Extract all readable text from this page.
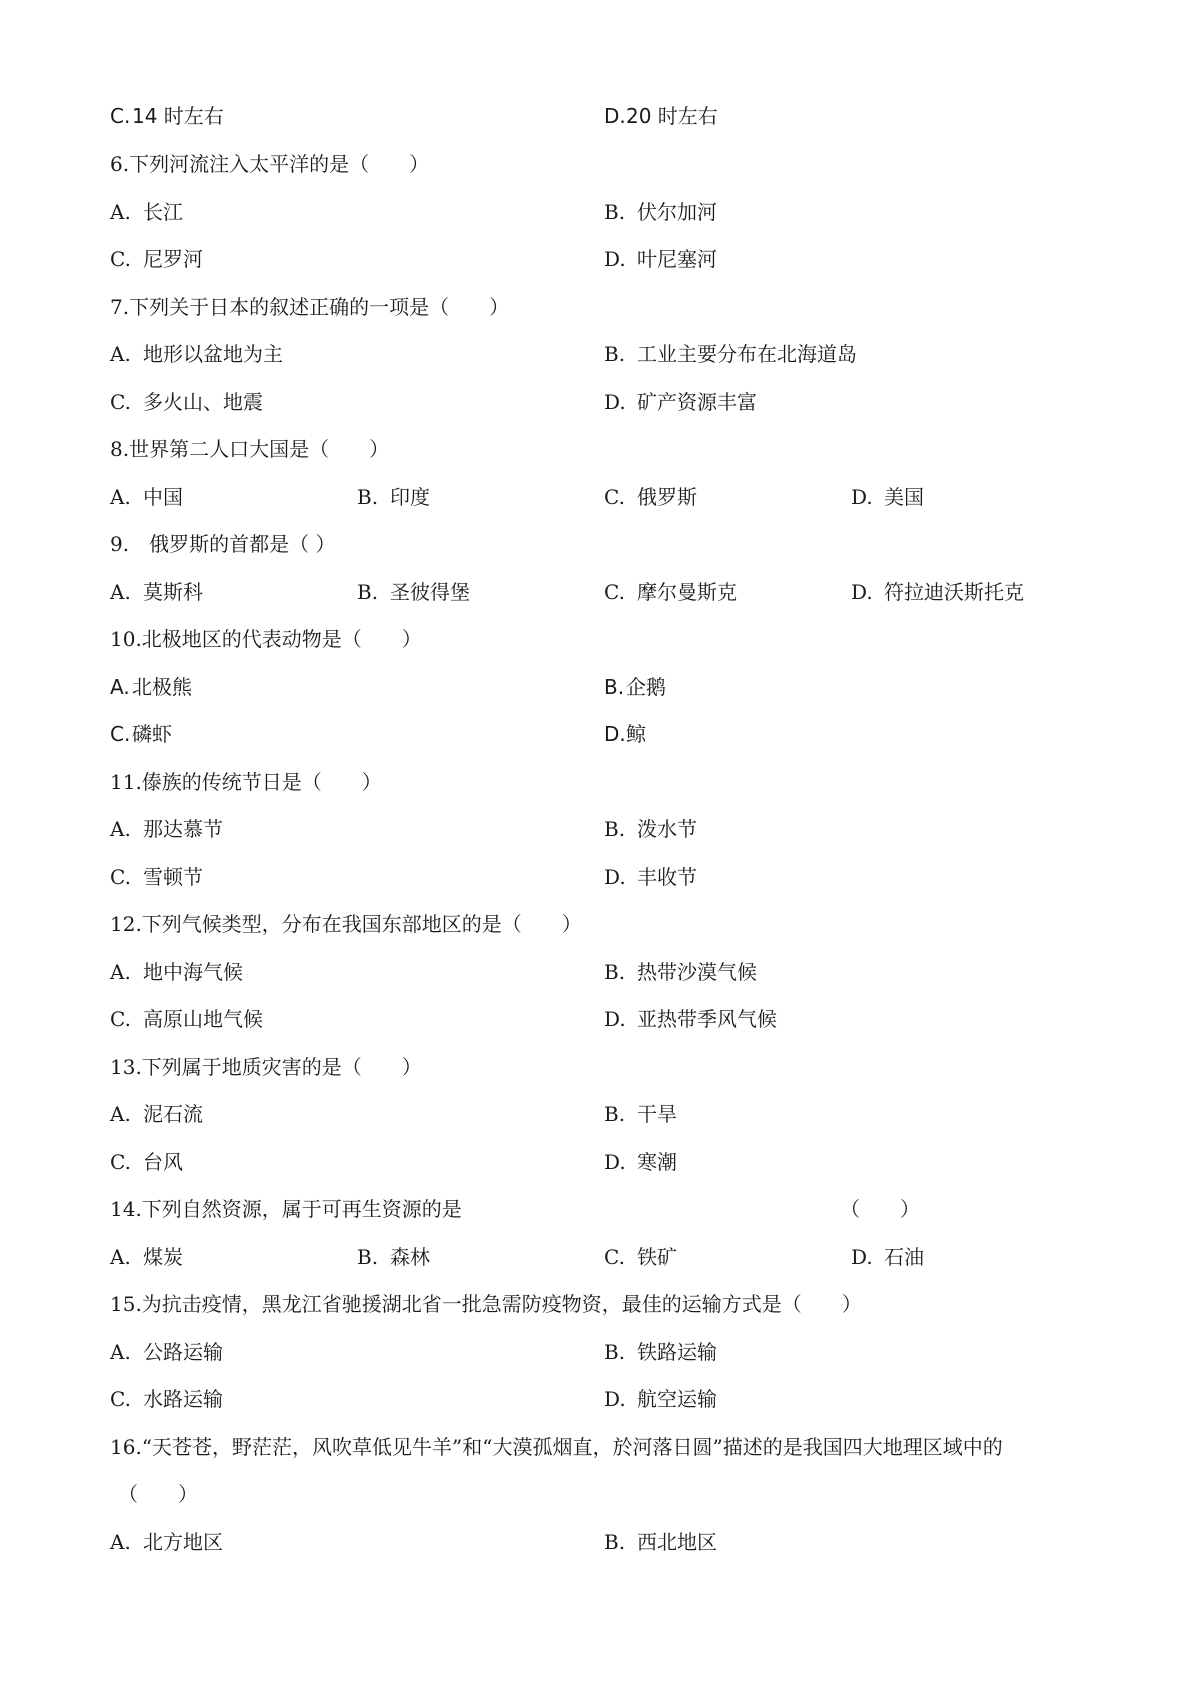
C.14 时左右	D.20 时左右
6.下列河流注入太平洋的是（　　）
A. 长江	B. 伏尔加河
C. 尼罗河	D. 叶尼塞河
7.下列关于日本的叙述正确的一项是（　　）
A. 地形以盆地为主	B. 工业主要分布在北海道岛
C. 多火山、地震	D. 矿产资源丰富
8.世界第二人口大国是（　　）
A. 中国	B. 印度	C. 俄罗斯	D. 美国
9.　俄罗斯的首都是（ ）
A. 莫斯科	B. 圣彼得堡	C. 摩尔曼斯克	D. 符拉迪沃斯托克
10.北极地区的代表动物是（　　）
A. 北极熊	B.企鹅
C.磷虾	D.鲸
11.傣族的传统节日是（　　）
A. 那达慕节	B. 泼水节
C. 雪顿节	D. 丰收节
12.下列气候类型，分布在我国东部地区的是（　　）
A. 地中海气候	B. 热带沙漠气候
C. 高原山地气候	D. 亚热带季风气候
13.下列属于地质灾害的是（　　）
A. 泥石流	B. 干旱
C. 台风	D. 寒潮
14.下列自然资源，属于可再生资源的是	（　　）
A. 煤炭	B. 森林	C. 铁矿	D. 石油
15.为抗击疫情，黑龙江省驰援湖北省一批急需防疫物资，最佳的运输方式是（　　）
A. 公路运输	B. 铁路运输
C. 水路运输	D. 航空运输
16.“天苍苍，野茫茫，风吹草低见牛羊”和“大漠孤烟直，於河落日圆”描述的是我国四大地理区域中的
（　　）
A. 北方地区	B. 西北地区
